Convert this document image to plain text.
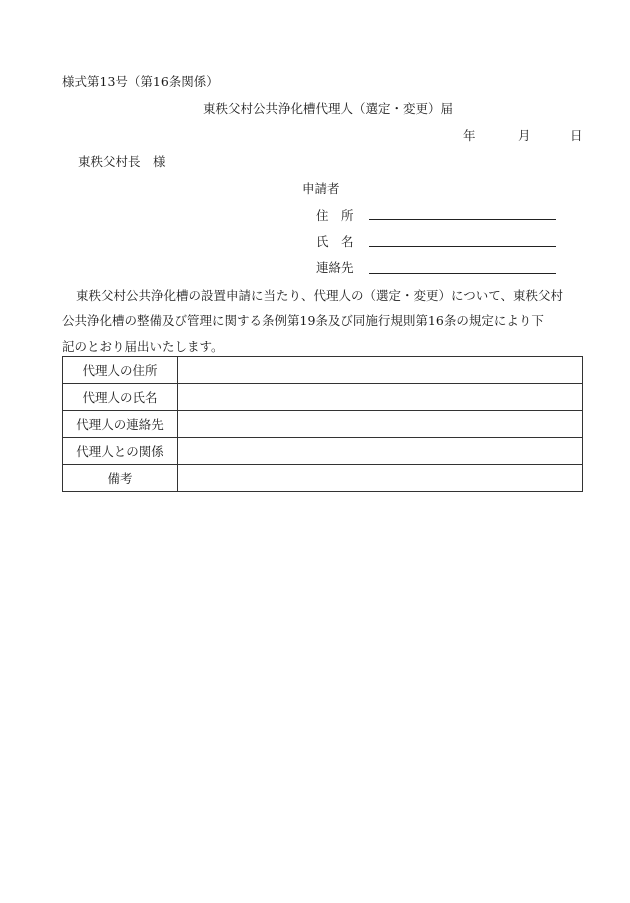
様式第13号（第16条関係）
東秩父村公共浄化槽代理人（選定・変更）届
年	月	日
東秩父村長　様
申請者
住　所
氏　名
連絡先
東秩父村公共浄化槽の設置申請に当たり、代理人の（選定・変更）について、東秩父村
公共浄化槽の整備及び管理に関する条例第19条及び同施行規則第16条の規定により下
記のとおり届出いたします。
代理人の住所	
代理人の氏名	
代理人の連絡先	
代理人との関係	
備考	
